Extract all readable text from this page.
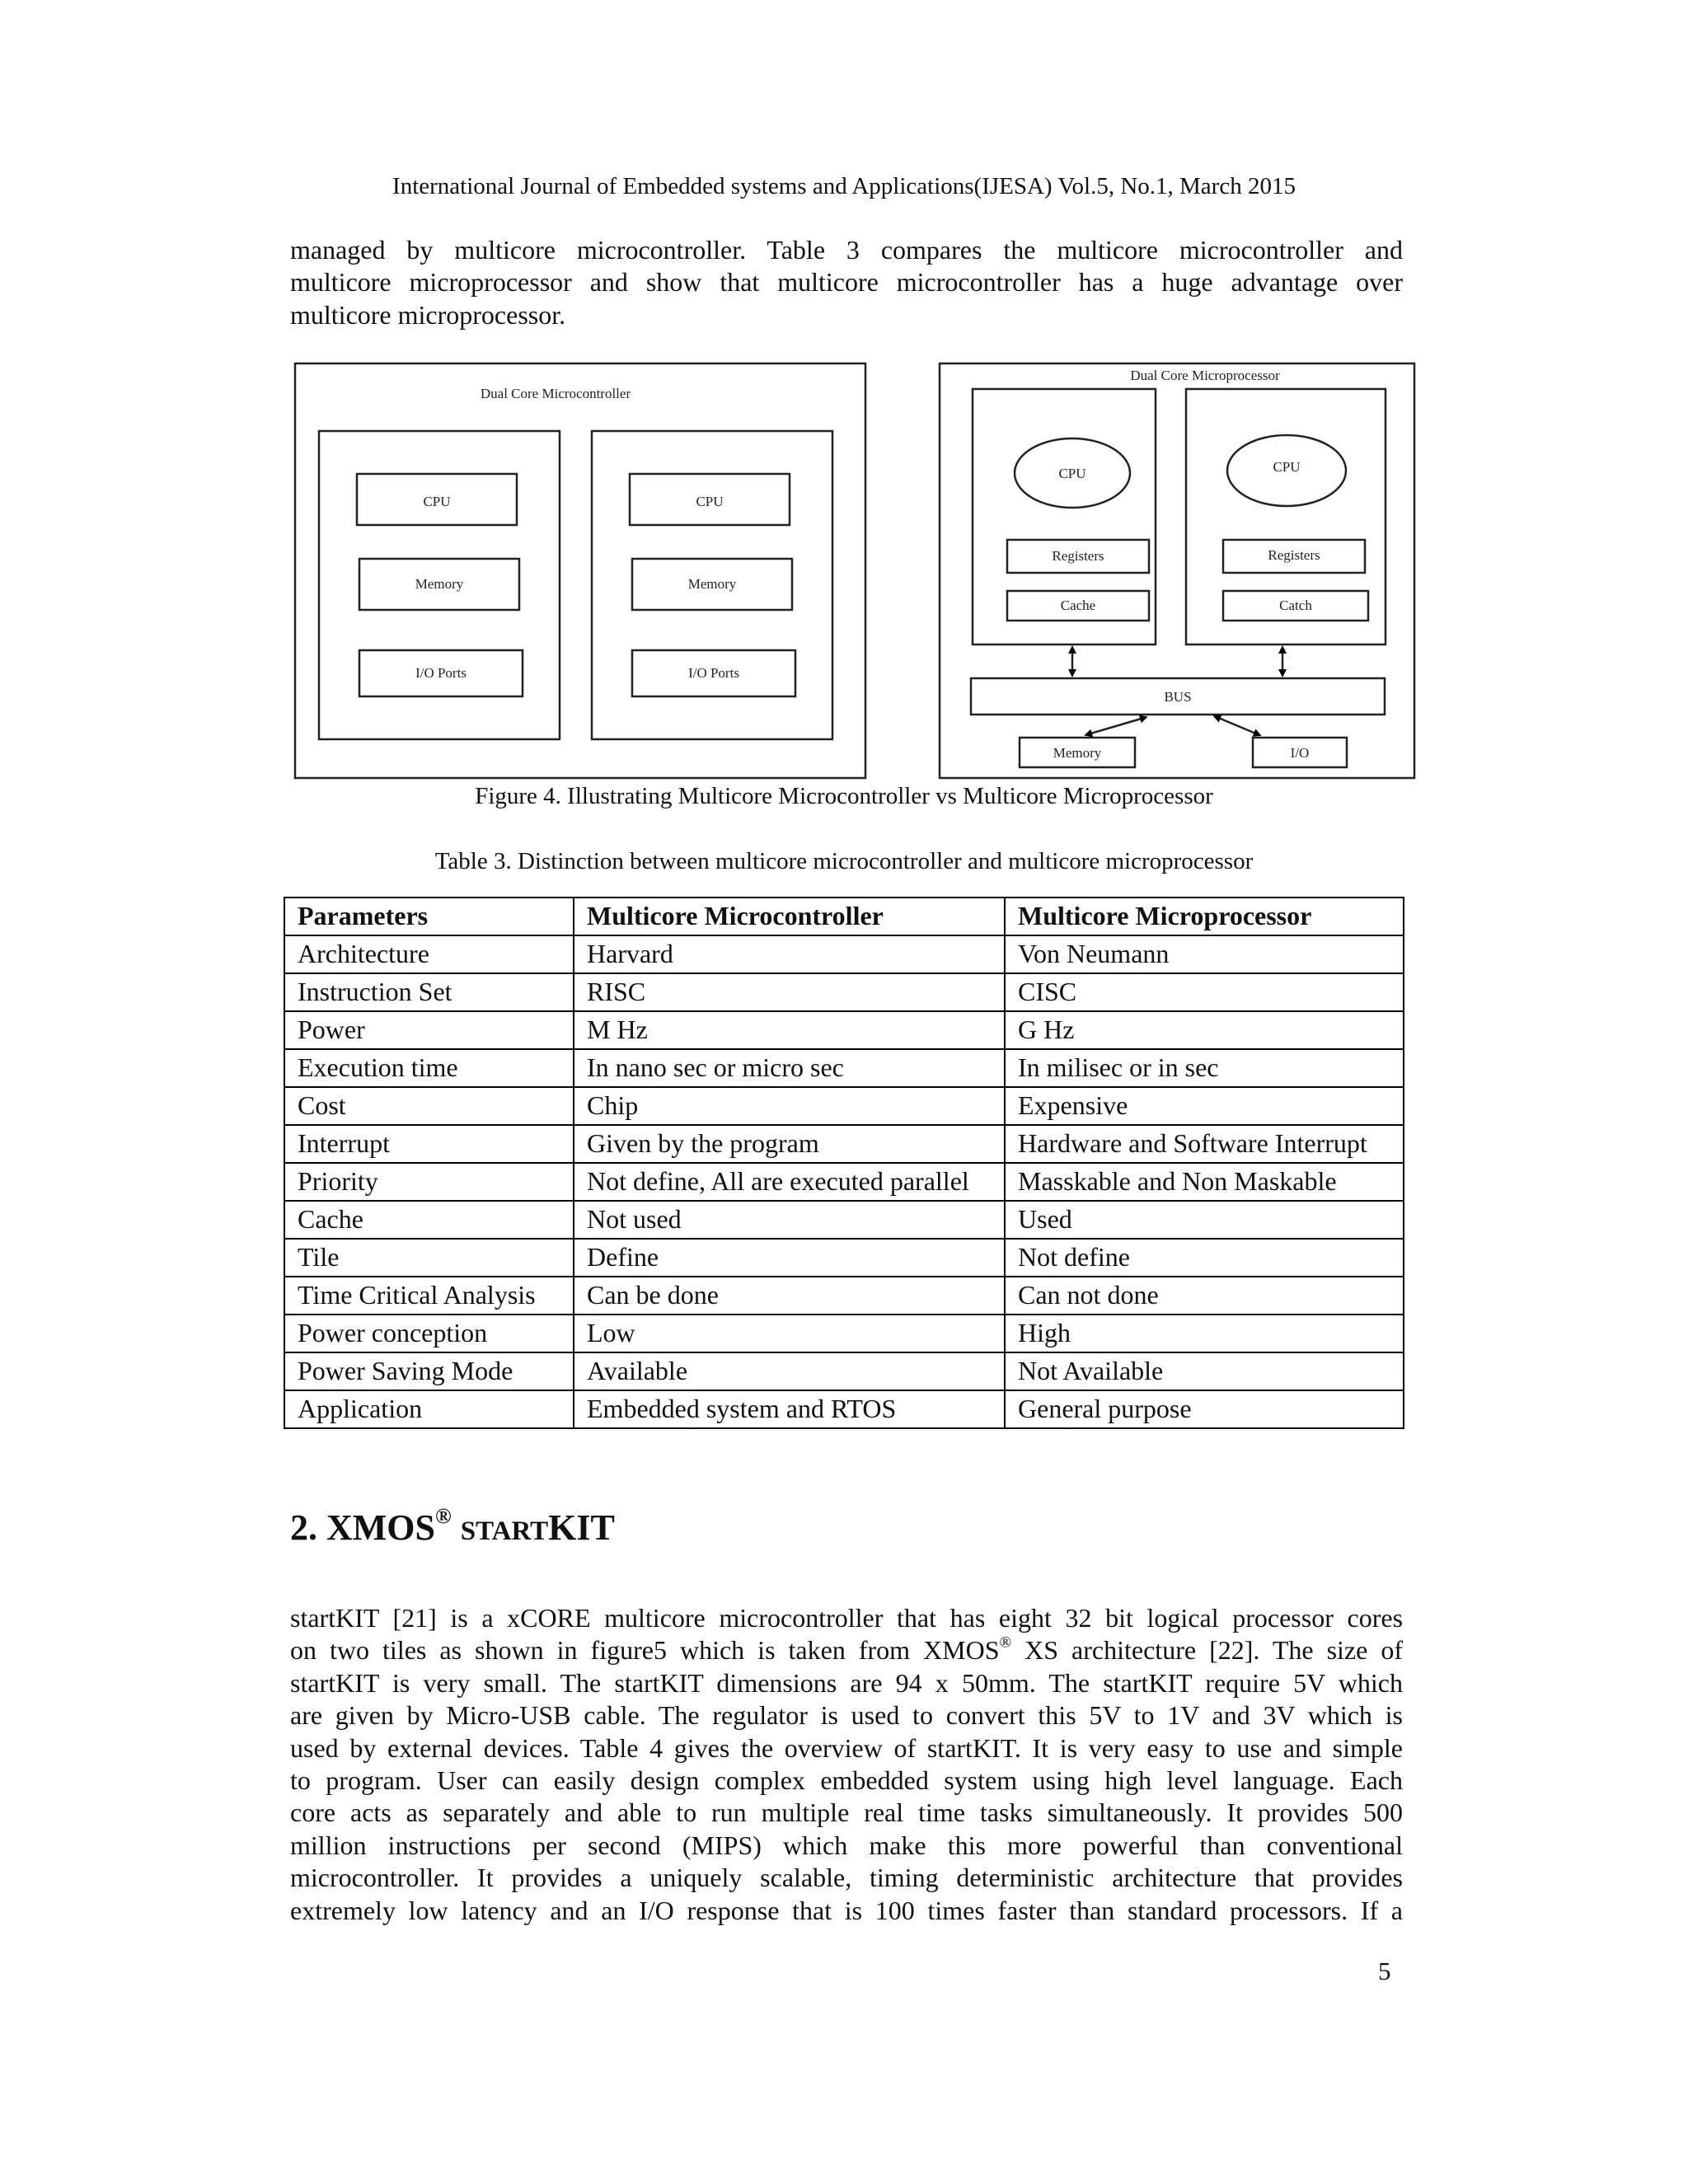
International Journal of Embedded systems and Applications(IJESA) Vol.5, No.1, March 2015

managed by multicore microcontroller. Table 3 compares the multicore microcontroller and
multicore microprocessor and show that multicore microcontroller has a huge advantage over
multicore microprocessor.

Dual Core Microcontroller
CPU
Memory
I/O Ports
CPU
Memory
I/O Ports
Dual Core Microprocessor
CPU	CPU
Registers
Cache
Registers
Catch
BUS
Memory	I/O
Figure 4. Illustrating Multicore Microcontroller vs Multicore Microprocessor
Table 3. Distinction between multicore microcontroller and multicore microprocessor
Parameters	Multicore Microcontroller	Multicore Microprocessor
Architecture	Harvard	Von Neumann
Instruction Set	RISC	CISC
Power	M Hz	G Hz
Execution time	In nano sec or micro sec	In milisec or in sec
Cost	Chip	Expensive
Interrupt	Given by the program	Hardware and Software Interrupt
Priority	Not define, All are executed parallel	Masskable and Non Maskable
Cache	Not used	Used
Tile	Define	Not define
Time Critical Analysis	Can be done	Can not done
Power conception	Low	High
Power Saving Mode	Available	Not Available
Application	Embedded system and RTOS	General purpose
2. XMOS® STARTKIT

startKIT [21] is a xCORE multicore microcontroller that has eight 32 bit logical processor cores
on two tiles as shown in figure5 which is taken from XMOS® XS architecture [22]. The size of
startKIT is very small. The startKIT dimensions are 94 x 50mm. The startKIT require 5V which
are given by Micro-USB cable. The regulator is used to convert this 5V to 1V and 3V which is
used by external devices. Table 4 gives the overview of startKIT. It is very easy to use and simple
to program. User can easily design complex embedded system using high level language. Each
core acts as separately and able to run multiple real time tasks simultaneously. It provides 500
million instructions per second (MIPS) which make this more powerful than conventional
microcontroller. It provides a uniquely scalable, timing deterministic architecture that provides
extremely low latency and an I/O response that is 100 times faster than standard processors. If a

5
